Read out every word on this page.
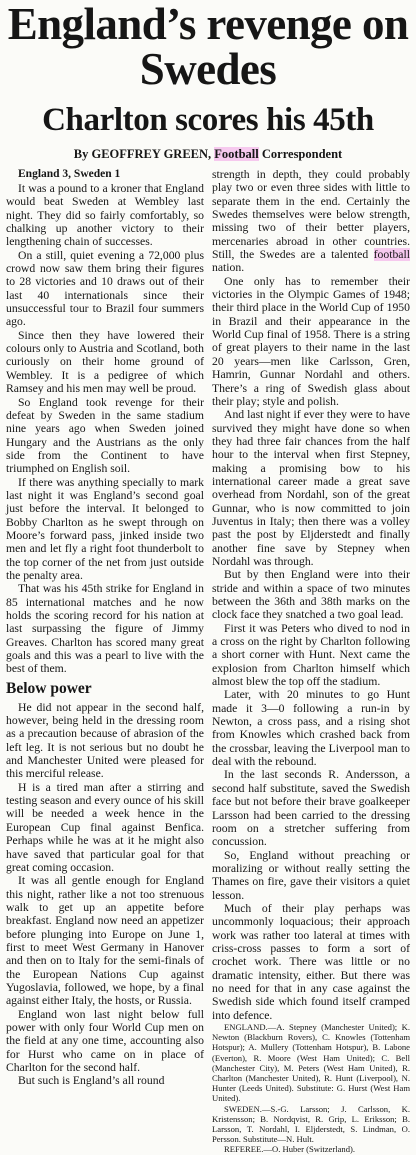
England’s revenge on Swedes
Charlton scores his 45th
By GEOFFREY GREEN, Football Correspondent
England 3, Sweden 1

It was a pound to a kroner that England would beat Sweden at Wembley last night. They did so fairly comfortably, so chalking up another victory to their lengthening chain of successes.

On a still, quiet evening a 72,000 plus crowd now saw them bring their figures to 28 victories and 10 draws out of their last 40 internationals since their unsuccessful tour to Brazil four summers ago.

Since then they have lowered their colours only to Austria and Scotland, both curiously on their home ground of Wembley. It is a pedigree of which Ramsey and his men may well be proud.

So England took revenge for their defeat by Sweden in the same stadium nine years ago when Sweden joined Hungary and the Austrians as the only side from the Continent to have triumphed on English soil.

If there was anything specially to mark last night it was England’s second goal just before the interval. It belonged to Bobby Charlton as he swept through on Moore’s forward pass, jinked inside two men and let fly a right foot thunderbolt to the top corner of the net from just outside the penalty area.

That was his 45th strike for England in 85 international matches and he now holds the scoring record for his nation at last surpassing the figure of Jimmy Greaves. Charlton has scored many great goals and this was a pearl to live with the best of them.

Below power

He did not appear in the second half, however, being held in the dressing room as a precaution because of abrasion of the left leg. It is not serious but no doubt he and Manchester United were pleased for this merciful release.

H is a tired man after a stirring and testing season and every ounce of his skill will be needed a week hence in the European Cup final against Benfica. Perhaps while he was at it he might also have saved that particular goal for that great coming occasion.

It was all gentle enough for England this night, rather like a not too strenuous walk to get up an appetite before breakfast. England now need an appetizer before plunging into Europe on June 1, first to meet West Germany in Hanover and then on to Italy for the semi-finals of the European Nations Cup against Yugoslavia, followed, we hope, by a final against either Italy, the hosts, or Russia.

England won last night below full power with only four World Cup men on the field at any one time, accounting also for Hurst who came on in place of Charlton for the second half.

But such is England’s all round

strength in depth, they could probably play two or even three sides with little to separate them in the end. Certainly the Swedes themselves were below strength, missing two of their better players, mercenaries abroad in other countries. Still, the Swedes are a talented football nation.

One only has to remember their victories in the Olympic Games of 1948; their third place in the World Cup of 1950 in Brazil and their appearance in the World Cup final of 1958. There is a string of great players to their name in the last 20 years—men like Carlsson, Gren, Hamrin, Gunnar Nordahl and others. There’s a ring of Swedish glass about their play; style and polish.

And last night if ever they were to have survived they might have done so when they had three fair chances from the half hour to the interval when first Stepney, making a promising bow to his international career made a great save overhead from Nordahl, son of the great Gunnar, who is now committed to join Juventus in Italy; then there was a volley past the post by Eljderstedt and finally another fine save by Stepney when Nordahl was through.

But by then England were into their stride and within a space of two minutes between the 36th and 38th marks on the clock face they snatched a two goal lead.

First it was Peters who dived to nod in a cross on the right by Charlton following a short corner with Hunt. Next came the explosion from Charlton himself which almost blew the top off the stadium.

Later, with 20 minutes to go Hunt made it 3—0 following a run-in by Newton, a cross pass, and a rising shot from Knowles which crashed back from the crossbar, leaving the Liverpool man to deal with the rebound.

In the last seconds R. Andersson, a second half substitute, saved the Swedish face but not before their brave goalkeeper Larsson had been carried to the dressing room on a stretcher suffering from concussion.

So, England without preaching or moralizing or without really setting the Thames on fire, gave their visitors a quiet lesson.

Much of their play perhaps was uncommonly loquacious; their approach work was rather too lateral at times with criss-cross passes to form a sort of crochet work. There was little or no dramatic intensity, either. But there was no need for that in any case against the Swedish side which found itself cramped into defence.

ENGLAND.—A. Stepney (Manchester United); K. Newton (Blackburn Rovers), C. Knowles (Tottenham Hotspur); A. Mullery (Tottenham Hotspur), B. Labone (Everton), R. Moore (West Ham United); C. Bell (Manchester City), M. Peters (West Ham United), R. Charlton (Manchester United), R. Hunt (Liverpool), N. Hunter (Leeds United). Substitute: G. Hurst (West Ham United).

SWEDEN.—S.-G. Larsson; J. Carlsson, K. Kristensson; B. Nordqvist, R. Grip, L. Eriksson; B. Larsson, T. Nordahl, I. Eljderstedt, S. Lindman, O. Persson. Substitute—N. Hult.

REFEREE.—O. Huber (Switzerland).
